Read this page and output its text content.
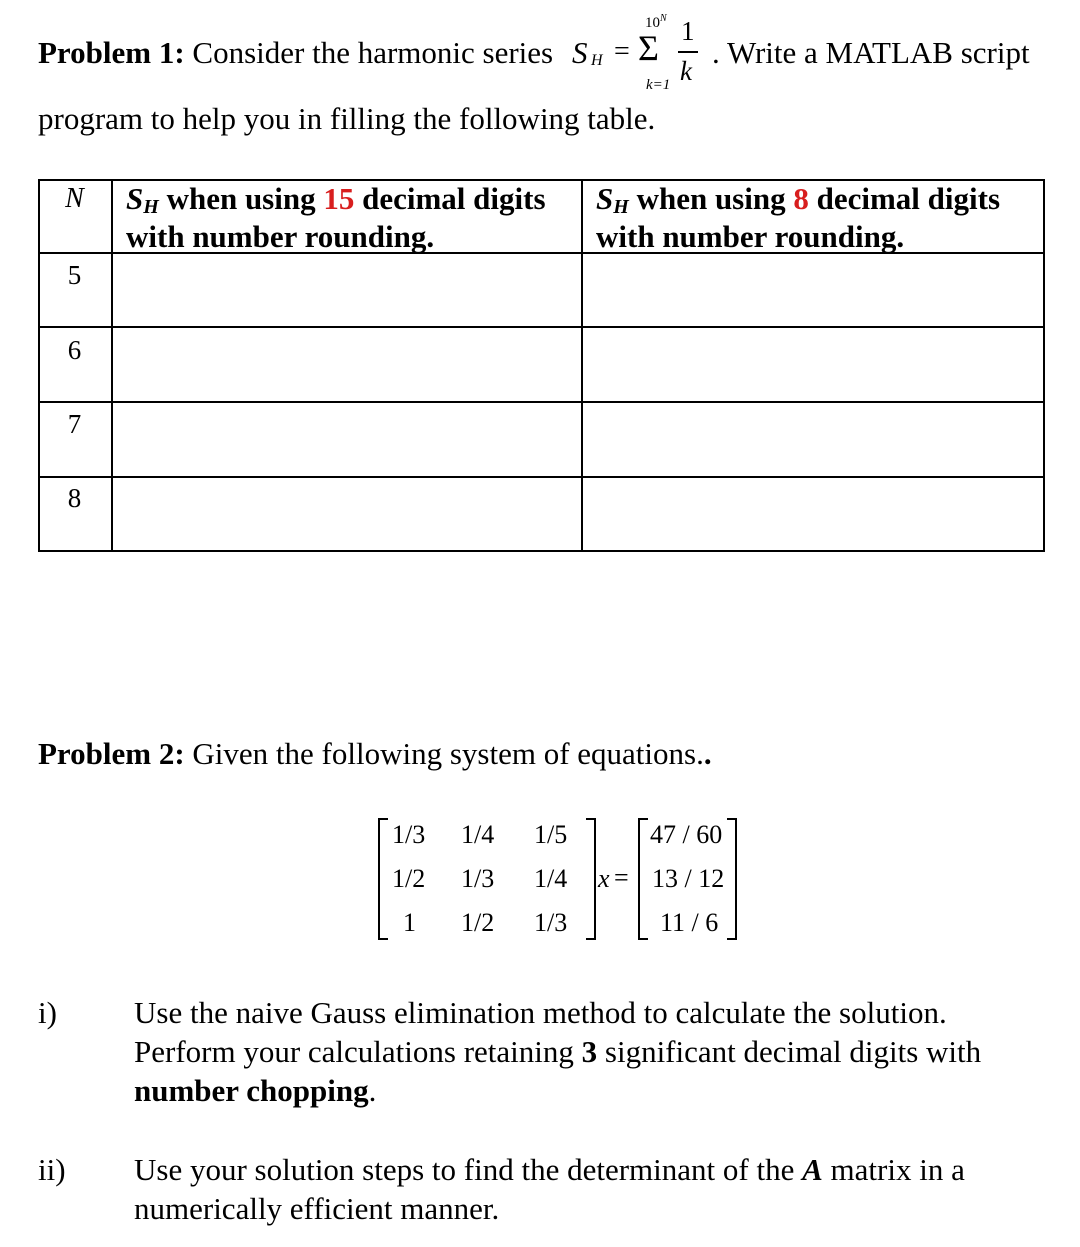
Problem 1: Consider the harmonic series S H =
$10^N$
Σ
k=1
1
k
. Write a MATLAB script
program to help you in filling the following table.
N	$S_H$ when using 15 decimal digits
with number rounding.
$S_H$ when using 8 decimal digits
with number rounding.
5
6
7
8
Problem 2: Given the following system of equations..
1/3 1/4 1/5
1/2 1/3 1/4
1 1/2 1/3
x =
47 / 60
13 / 12
11 / 6
i) Use the naive Gauss elimination method to calculate the solution.
Perform your calculations retaining 3 significant decimal digits with
number chopping.
ii) Use your solution steps to find the determinant of the A matrix in a
numerically efficient manner.
